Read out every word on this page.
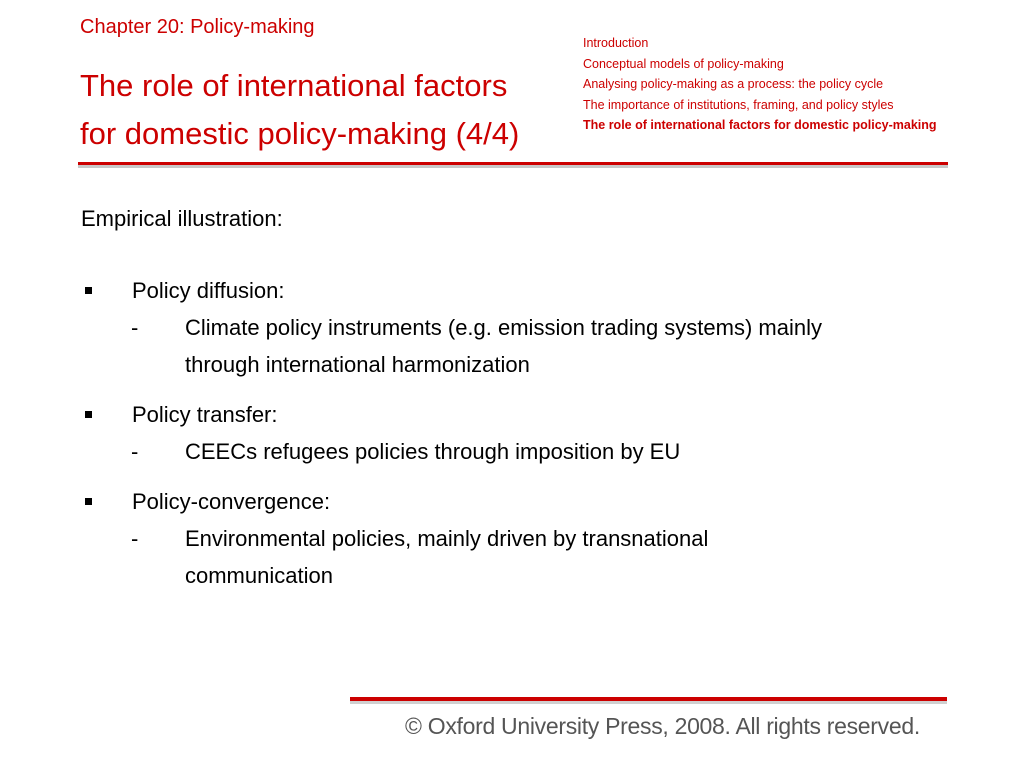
Chapter 20: Policy-making
The role of international factors
for domestic policy-making (4/4)
Introduction
Conceptual models of policy-making
Analysing policy-making as a process: the policy cycle
The importance of institutions, framing, and policy styles
The role of international factors for domestic policy-making
Empirical illustration:
Policy diffusion:
- Climate policy instruments (e.g. emission trading systems) mainly
through international harmonization
Policy transfer:
- CEECs refugees policies through imposition by EU
Policy-convergence:
- Environmental policies, mainly driven by transnational
communication
© Oxford University Press, 2008. All rights reserved.
